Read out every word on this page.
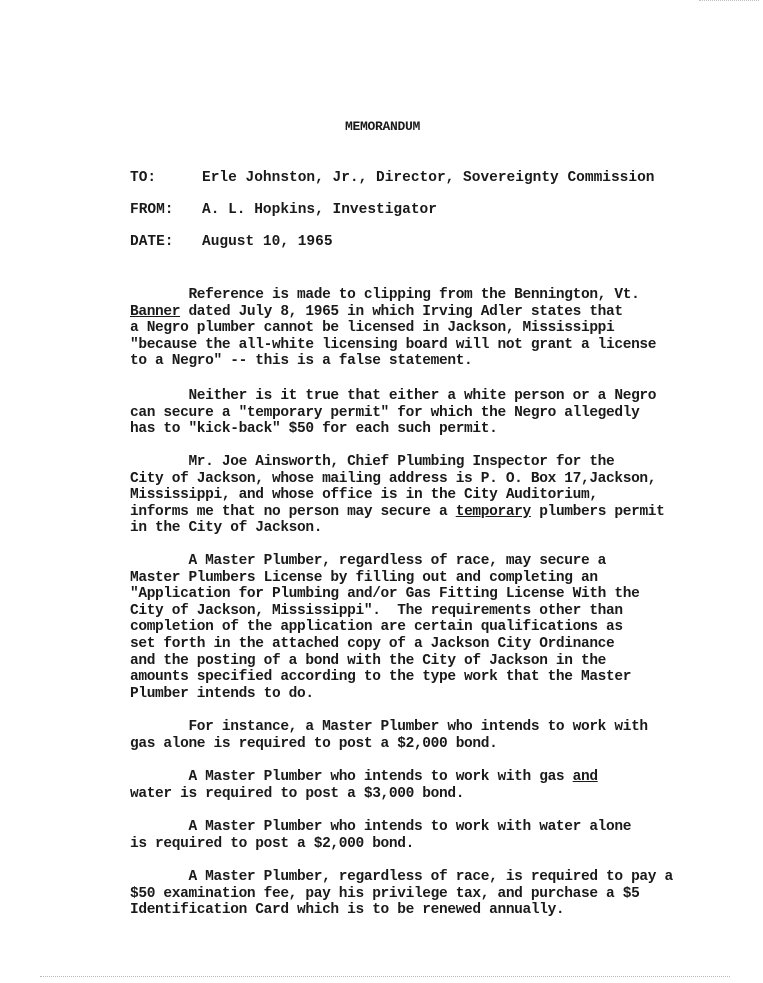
MEMORANDUM
TO:	Erle Johnston, Jr., Director, Sovereignty Commission
FROM: A. L. Hopkins, Investigator
DATE: August 10, 1965

Reference is made to clipping from the Bennington, Vt.

Banner dated July 8, 1965 in which Irving Adler states that

a Negro plumber cannot be licensed in Jackson, Mississippi

"because the all-white licensing board will not grant a license

to a Negro" -- this is a false statement.

Neither is it true that either a white person or a Negro

can secure a "temporary permit" for which the Negro allegedly

has to "kick-back" $50 for each such permit.

Mr. Joe Ainsworth, Chief Plumbing Inspector for the

City of Jackson, whose mailing address is P. O. Box 17,Jackson,

Mississippi, and whose office is in the City Auditorium,

informs me that no person may secure a temporary plumbers permit

in the City of Jackson.

A Master Plumber, regardless of race, may secure a

Master Plumbers License by filling out and completing an

"Application for Plumbing and/or Gas Fitting License With the

City of Jackson, Mississippi".  The requirements other than

completion of the application are certain qualifications as

set forth in the attached copy of a Jackson City Ordinance

and the posting of a bond with the City of Jackson in the

amounts specified according to the type work that the Master

Plumber intends to do.

For instance, a Master Plumber who intends to work with

gas alone is required to post a $2,000 bond.

A Master Plumber who intends to work with gas and

water is required to post a $3,000 bond.

A Master Plumber who intends to work with water alone

is required to post a $2,000 bond.

A Master Plumber, regardless of race, is required to pay a

$50 examination fee, pay his privilege tax, and purchase a $5

Identification Card which is to be renewed annually.
